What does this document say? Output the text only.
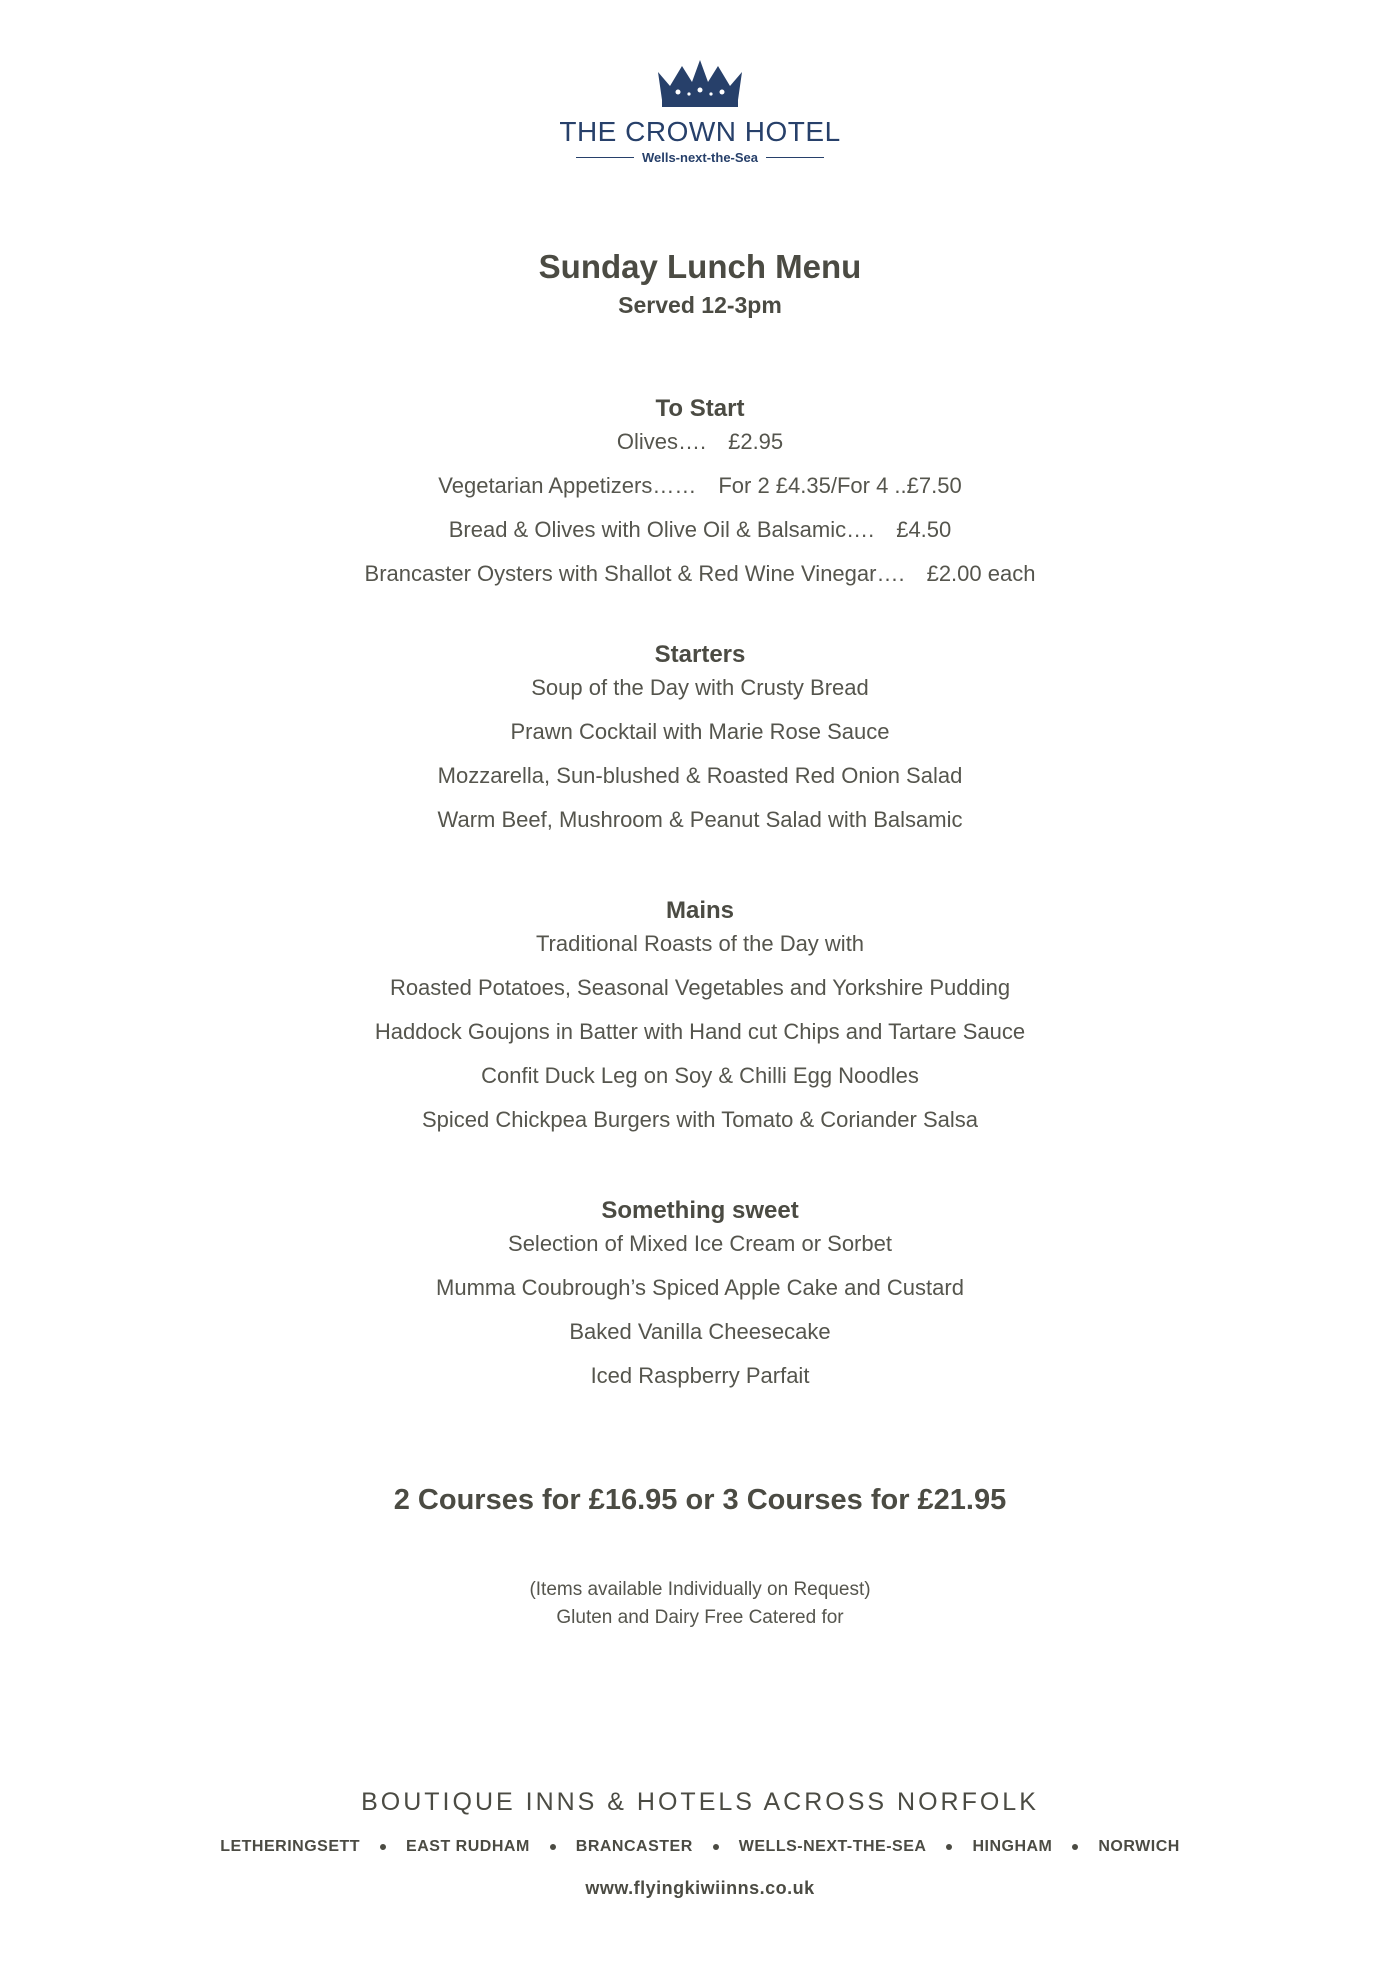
THE CROWN HOTEL
Wells-next-the-Sea
Sunday Lunch Menu
Served 12-3pm
To Start
Olives…. £2.95
Vegetarian Appetizers…… For 2 £4.35/For 4 ..£7.50
Bread & Olives with Olive Oil & Balsamic…. £4.50
Brancaster Oysters with Shallot & Red Wine Vinegar…. £2.00 each
Starters
Soup of the Day with Crusty Bread
Prawn Cocktail with Marie Rose Sauce
Mozzarella, Sun-blushed & Roasted Red Onion Salad
Warm Beef, Mushroom & Peanut Salad with Balsamic
Mains
Traditional Roasts of the Day with
Roasted Potatoes, Seasonal Vegetables and Yorkshire Pudding
Haddock Goujons in Batter with Hand cut Chips and Tartare Sauce
Confit Duck Leg on Soy & Chilli Egg Noodles
Spiced Chickpea Burgers with Tomato & Coriander Salsa
Something sweet
Selection of Mixed Ice Cream or Sorbet
Mumma Coubrough’s Spiced Apple Cake and Custard
Baked Vanilla Cheesecake
Iced Raspberry Parfait
2 Courses for £16.95 or 3 Courses for £21.95
(Items available Individually on Request)
Gluten and Dairy Free Catered for
BOUTIQUE INNS & HOTELS ACROSS NORFOLK
LETHERINGSETT	EAST RUDHAM	BRANCASTER	WELLS-NEXT-THE-SEA	HINGHAM	NORWICH
www.flyingkiwiinns.co.uk
